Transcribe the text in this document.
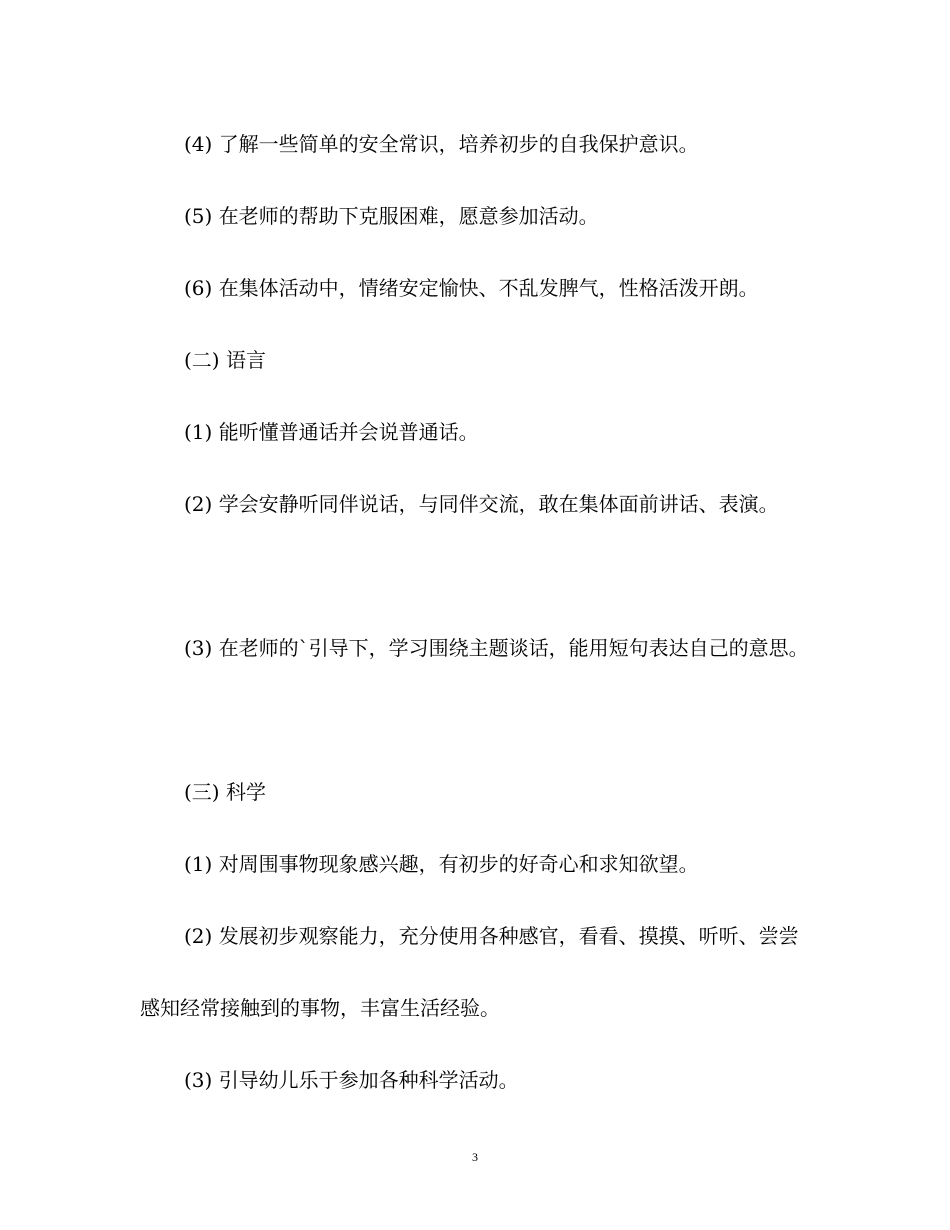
(4) 了解一些简单的安全常识，培养初步的自我保护意识。

(5) 在老师的帮助下克服困难，愿意参加活动。

(6) 在集体活动中，情绪安定愉快、不乱发脾气，性格活泼开朗。

(二) 语言

(1) 能听懂普通话并会说普通话。

(2) 学会安静听同伴说话，与同伴交流，敢在集体面前讲话、表演。

(3) 在老师的`引导下，学习围绕主题谈话，能用短句表达自己的意思。

(三) 科学

(1) 对周围事物现象感兴趣，有初步的好奇心和求知欲望。

(2) 发展初步观察能力，充分使用各种感官，看看、摸摸、听听、尝尝感知经常接触到的事物，丰富生活经验。

(3) 引导幼儿乐于参加各种科学活动。

3
